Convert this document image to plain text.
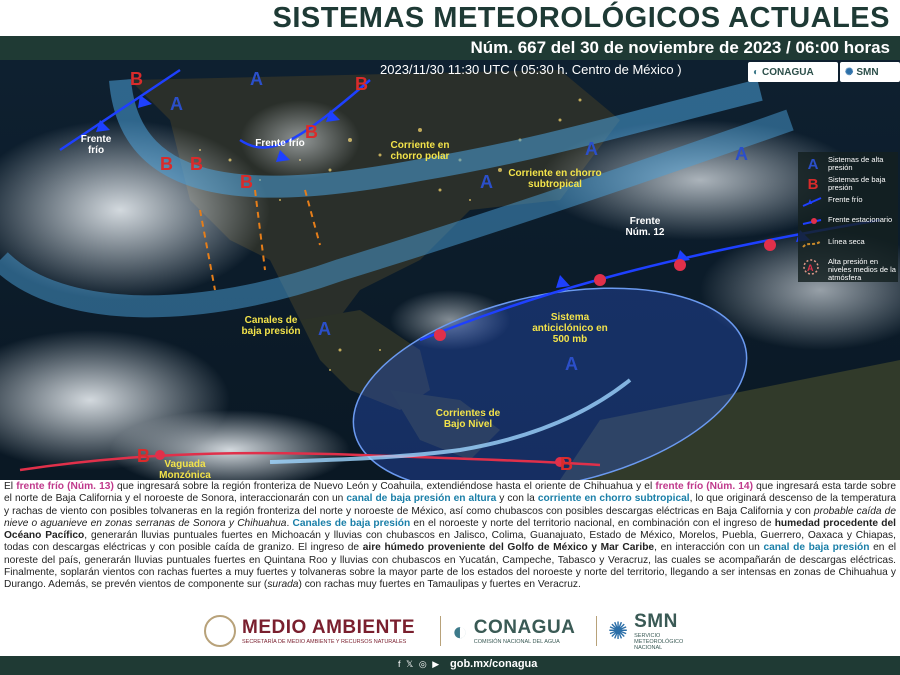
SISTEMAS METEOROLÓGICOS ACTUALES
Núm. 667 del 30 de noviembre de 2023 / 06:00 horas
A
A
A
A	A
A
A
B	B
B
B B
B
B	B
Frente frío
Frente frío	Corriente en chorro polar
Corriente en chorro subtropical
Frente Núm. 12
Canales de baja presión
Sistema anticiclónico en 500 mb
Corrientes de Bajo Nivel
Vaguada Monzónica
A	Sistemas de alta presión
B	Sistemas de baja presión
Frente frío
Frente estacionario
Línea seca
A
Alta presión en niveles medios de la atmósfera
2023/11/30 11:30 UTC ( 05:30 h. Centro de México )	◐ CONAGUA	✺ SMN
El frente frío (Núm. 13) que ingresará sobre la región fronteriza de Nuevo León y Coahuila, extendiéndose hasta el oriente de Chihuahua y el frente frío (Núm. 14) que ingresará esta tarde sobre el norte de Baja California y el noroeste de Sonora, interaccionarán con un canal de baja presión en altura y con la corriente en chorro subtropical, lo que originará descenso de la temperatura y rachas de viento con posibles tolvaneras en la región fronteriza del norte y noroeste de México, así como chubascos con posibles descargas eléctricas en Baja California y con probable caída de nieve o aguanieve en zonas serranas de Sonora y Chihuahua. Canales de baja presión en el noroeste y norte del territorio nacional, en combinación con el ingreso de humedad procedente del Océano Pacífico, generarán lluvias puntuales fuertes en Michoacán y lluvias con chubascos en Jalisco, Colima, Guanajuato, Estado de México, Morelos, Puebla, Guerrero, Oaxaca y Chiapas, todas con descargas eléctricas y con posible caída de granizo. El ingreso de aire húmedo proveniente del Golfo de México y Mar Caribe, en interacción con un canal de baja presión en el noreste del país, generarán lluvias puntuales fuertes en Quintana Roo y lluvias con chubascos en Yucatán, Campeche, Tabasco y Veracruz, las cuales se acompañarán de descargas eléctricas. Finalmente, soplarán vientos con rachas fuertes a muy fuertes y tolvaneras sobre la mayor parte de los estados del noroeste y norte del territorio, llegando a ser intensas en zonas de Chihuahua y Durango. Además, se prevén vientos de componente sur (surada) con rachas muy fuertes en Tamaulipas y fuertes en Veracruz.
MEDIO AMBIENTE
SECRETARÍA DE MEDIO AMBIENTE Y RECURSOS NATURALES	◐ CONAGUA
COMISIÓN NACIONAL DEL AGUA	✺ SMN
SERVICIO METEOROLÓGICO NACIONAL
f 𝕏 ◎ ▶ gob.mx/conagua
